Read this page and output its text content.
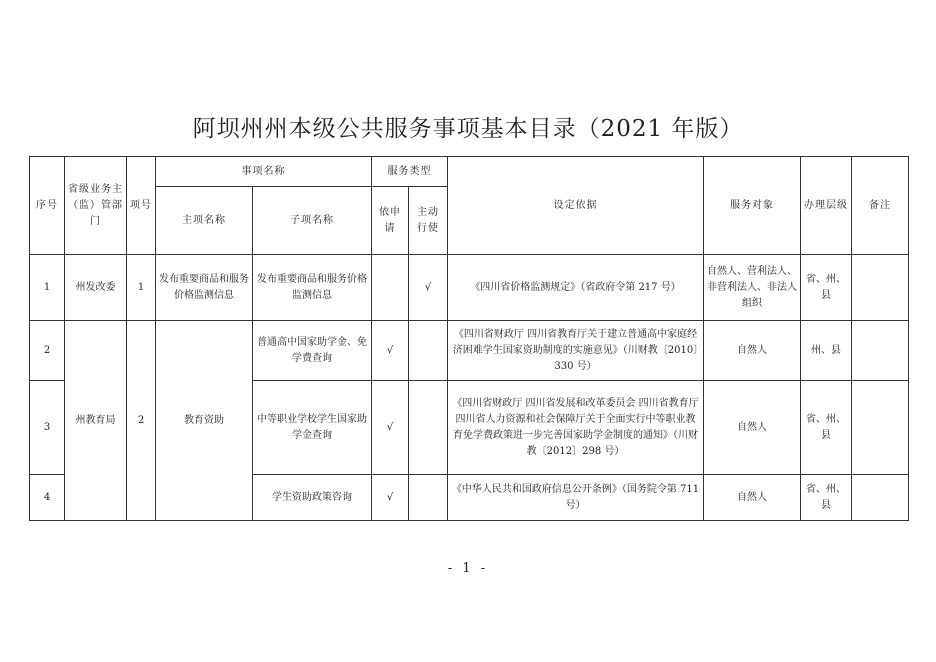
阿坝州州本级公共服务事项基本目录（2021 年版）
序号	省级业务主（监）管部门	项号	事项名称		服务类型		设定依据	服务对象	办理层级	备注
			主项名称	子项名称	依申请	主动行使				
1	州发改委	1	发布重要商品和服务价格监测信息	发布重要商品和服务价格监测信息		√	《四川省价格监测规定》（省政府令第 217 号）	自然人、营利法人、非营利法人、非法人组织	省、州、县	
2	州教育局	2	教育资助	普通高中国家助学金、免学费查询	√		《四川省财政厅 四川省教育厅关于建立普通高中家庭经济困难学生国家资助制度的实施意见》（川财教〔2010〕330 号）	自然人	州、县	
3				中等职业学校学生国家助学金查询	√		《四川省财政厅 四川省发展和改革委员会 四川省教育厅 四川省人力资源和社会保障厅关于全面实行中等职业教育免学费政策进一步完善国家助学金制度的通知》（川财教〔2012〕298 号）	自然人	省、州、县	
4				学生资助政策咨询	√		《中华人民共和国政府信息公开条例》（国务院令第 711 号）	自然人	省、州、县	
- 1 -
